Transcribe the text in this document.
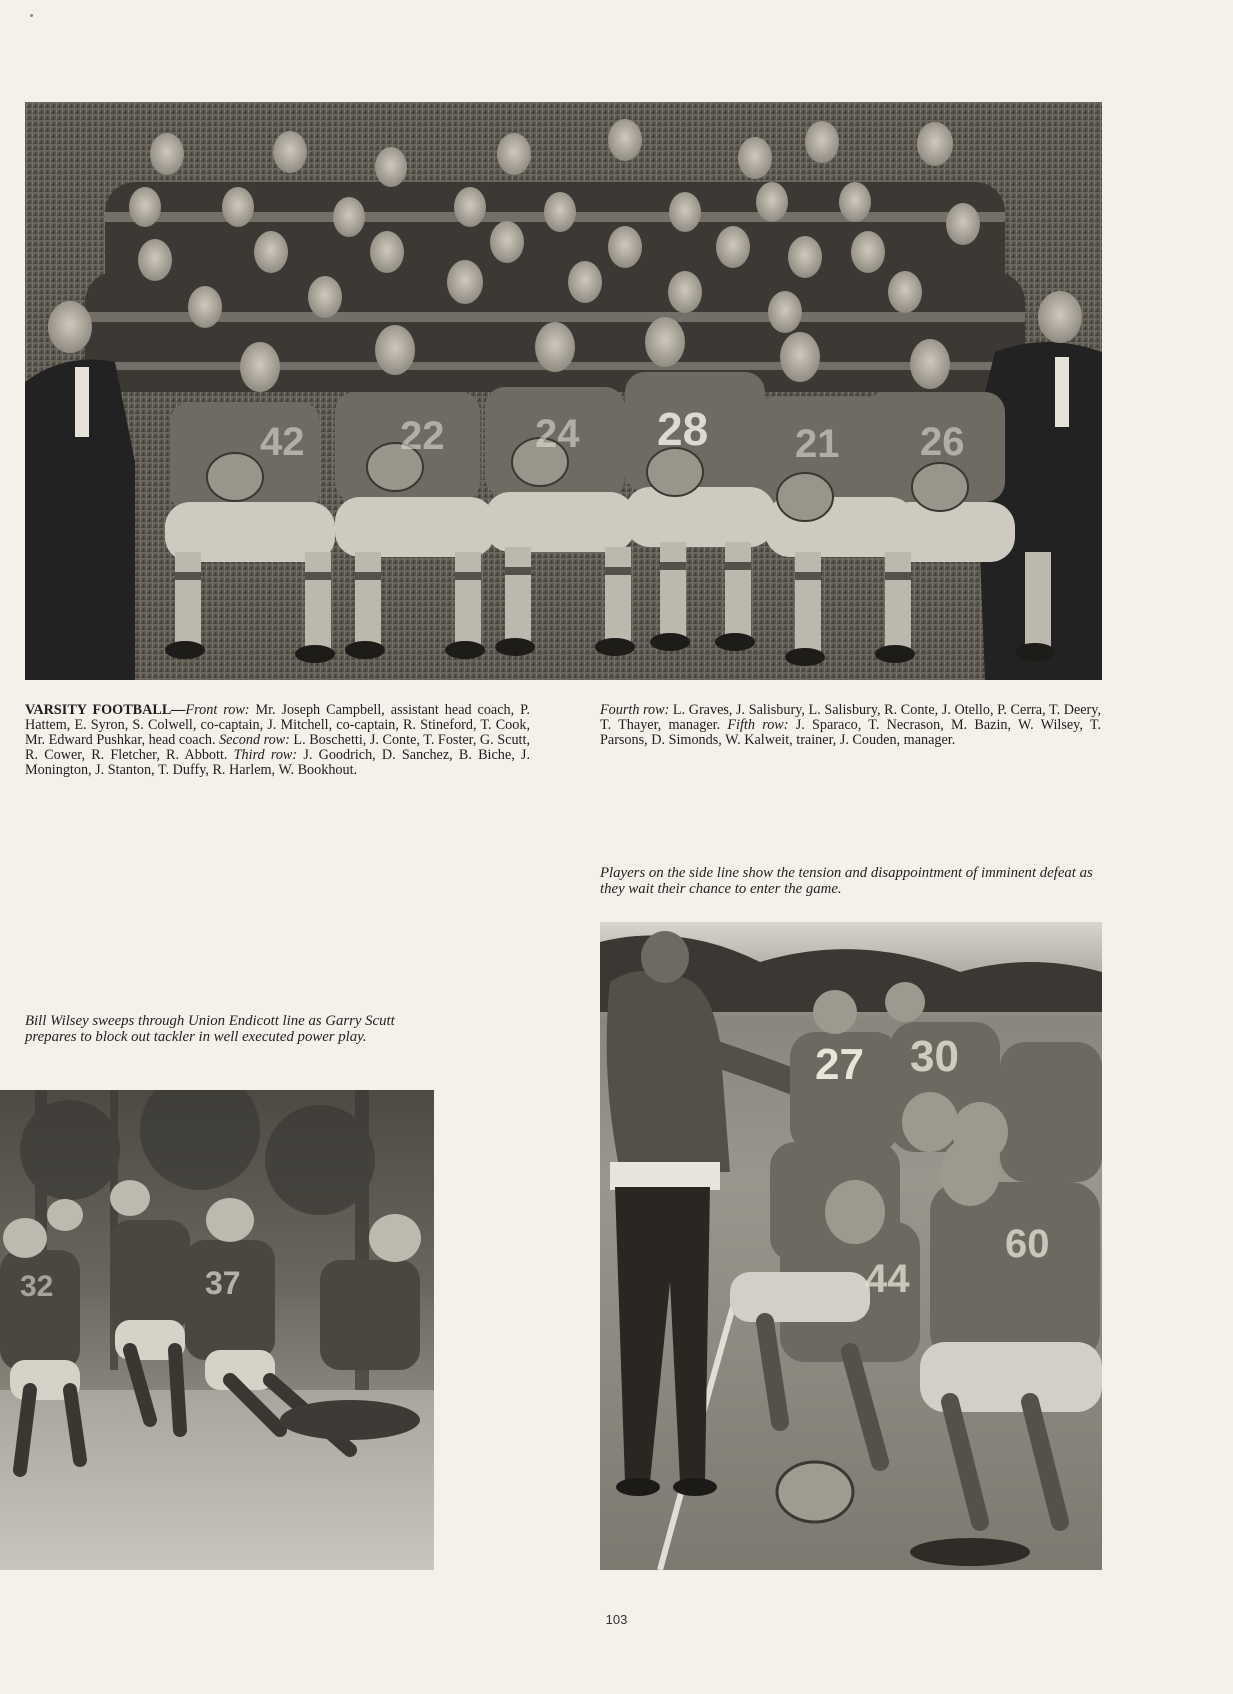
42 22 24 28 21 26
VARSITY FOOTBALL—Front row: Mr. Joseph Campbell, assistant head coach, P. Hattem, E. Syron, S. Colwell, co-captain, J. Mitchell, co-captain, R. Stineford, T. Cook, Mr. Edward Pushkar, head coach. Second row: L. Boschetti, J. Conte, T. Foster, G. Scutt, R. Cower, R. Fletcher, R. Abbott. Third row: J. Goodrich, D. Sanchez, B. Biche, J. Monington, J. Stanton, T. Duffy, R. Harlem, W. Bookhout.
Fourth row: L. Graves, J. Salisbury, L. Salisbury, R. Conte, J. Otello, P. Cerra, T. Deery, T. Thayer, manager. Fifth row: J. Sparaco, T. Necrason, M. Bazin, W. Wilsey, T. Parsons, D. Simonds, W. Kalweit, trainer, J. Couden, manager.
Players on the side line show the tension and disappointment of imminent defeat as they wait their chance to enter the game.
Bill Wilsey sweeps through Union Endicott line as Garry Scutt prepares to block out tackler in well executed power play.
32	37
27 30
44
60
103
